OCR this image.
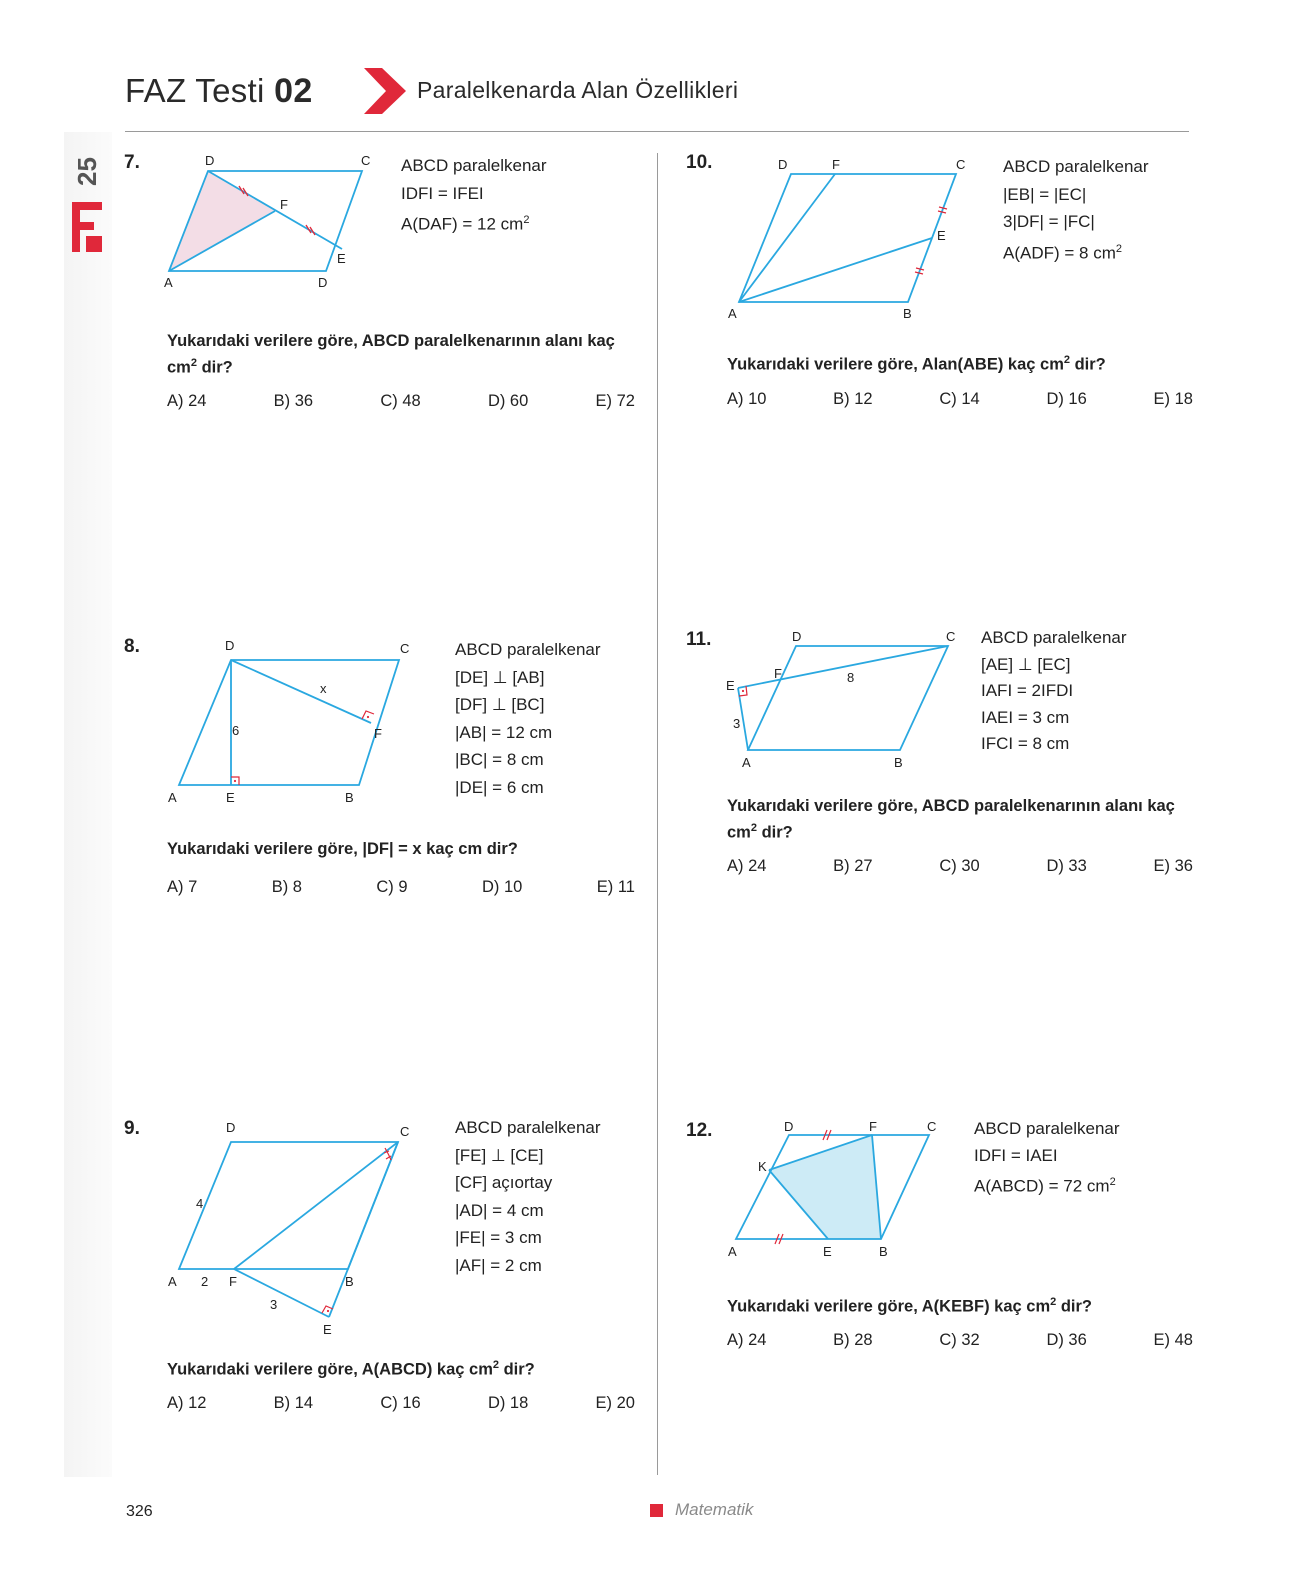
FAZ Testi 02	Paralelkenarda Alan Özellikleri
25 7.
A	D
C
D
F
E
ABCD paralelkenar
IDFI = IFEI
A(DAF) = 12 $cm^2$
Yukarıdaki verilere göre, ABCD paralelkenarının alanı kaç
$cm^2$ dir?
A) 24	B) 36	C) 48	D) 60	E) 72
8.	D	C
A	E	B
F
x
6
ABCD paralelkenar
[DE] ⊥ [AB]
[DF] ⊥ [BC]
|AB| = 12 cm
|BC| = 8 cm
|DE| = 6 cm
Yukarıdaki verilere göre, |DF| = x kaç cm dir?
A) 7	B) 8	C) 9	D) 10	E) 11
9.	D	C
A	F	B
E
4
2
3
ABCD paralelkenar
[FE] ⊥ [CE]
[CF] açıortay
|AD| = 4 cm
|FE| = 3 cm
|AF| = 2 cm
Yukarıdaki verilere göre, A(ABCD) kaç $cm^2$ dir?
A) 12	B) 14	C) 16	D) 18	E) 20
10.	D	F	C
E
A	B
ABCD paralelkenar
|EB| = |EC|
3|DF| = |FC|
A(ADF) = 8 $cm^2$
Yukarıdaki verilere göre, Alan(ABE) kaç $cm^2$ dir?
A) 10	B) 12	C) 14	D) 16	E) 18
11.	D	C
F	8
E
3
A	B
ABCD paralelkenar
[AE] ⊥ [EC]
IAFI = 2IFDI
IAEI = 3 cm
IFCI = 8 cm
Yukarıdaki verilere göre, ABCD paralelkenarının alanı kaç
$cm^2$ dir?
A) 24	B) 27	C) 30	D) 33	E) 36
12.	D	F	C
K
A	E	B
ABCD paralelkenar
IDFI = IAEI
A(ABCD) = 72 $cm^2$
Yukarıdaki verilere göre, A(KEBF) kaç $cm^2$ dir?
A) 24	B) 28	C) 32	D) 36	E) 48
326	Matematik
